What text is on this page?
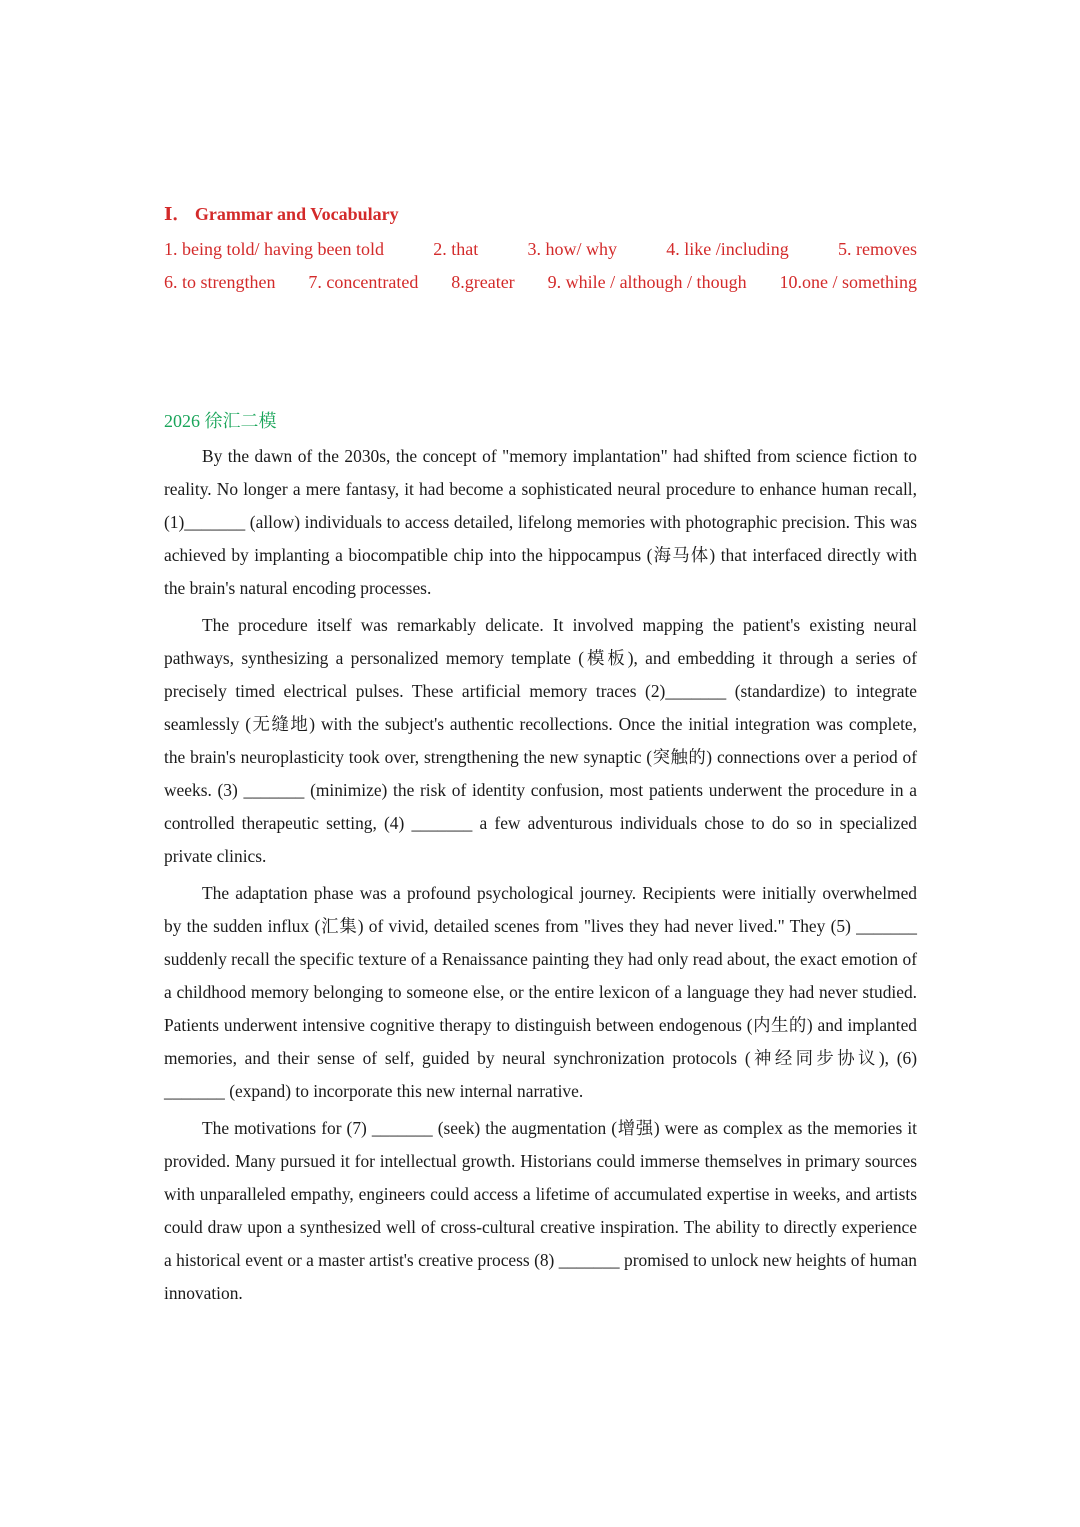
Ⅰ． Grammar and Vocabulary
1. being told/ having been told	2. that	3. how/ why	4. like /including	5. removes
6. to strengthen 7. concentrated 8.greater 9. while / although / though 10.one / something
2026 徐汇二模

By the dawn of the 2030s, the concept of "memory implantation" had shifted from science fiction to reality. No longer a mere fantasy, it had become a sophisticated neural procedure to enhance human recall, (1)_______ (allow) individuals to access detailed, lifelong memories with photographic precision. This was achieved by implanting a biocompatible chip into the hippocampus (海马体) that interfaced directly with the brain's natural encoding processes.

The procedure itself was remarkably delicate. It involved mapping the patient's existing neural pathways, synthesizing a personalized memory template (模板), and embedding it through a series of precisely timed electrical pulses. These artificial memory traces (2)_______ (standardize) to integrate seamlessly (无缝地) with the subject's authentic recollections. Once the initial integration was complete, the brain's neuroplasticity took over, strengthening the new synaptic (突触的) connections over a period of weeks. (3) _______ (minimize) the risk of identity confusion, most patients underwent the procedure in a controlled therapeutic setting, (4) _______ a few adventurous individuals chose to do so in specialized private clinics.

The adaptation phase was a profound psychological journey. Recipients were initially overwhelmed by the sudden influx (汇集) of vivid, detailed scenes from "lives they had never lived." They (5) _______ suddenly recall the specific texture of a Renaissance painting they had only read about, the exact emotion of a childhood memory belonging to someone else, or the entire lexicon of a language they had never studied. Patients underwent intensive cognitive therapy to distinguish between endogenous (内生的) and implanted memories, and their sense of self, guided by neural synchronization protocols (神经同步协议), (6) _______ (expand) to incorporate this new internal narrative.

The motivations for (7) _______ (seek) the augmentation (增强) were as complex as the memories it provided. Many pursued it for intellectual growth. Historians could immerse themselves in primary sources with unparalleled empathy, engineers could access a lifetime of accumulated expertise in weeks, and artists could draw upon a synthesized well of cross-cultural creative inspiration. The ability to directly experience a historical event or a master artist's creative process (8) _______ promised to unlock new heights of human innovation.
